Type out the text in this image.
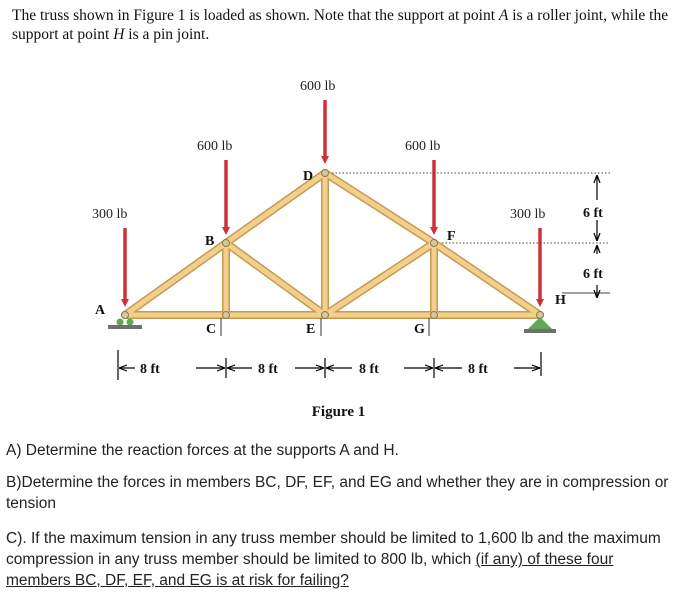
The truss shown in Figure 1 is loaded as shown. Note that the support at point A is a roller joint, while the support at point H is a pin joint.
600 lb
600 lb	600 lb
300 lb	300 lb
A
B
C
D
E
F
G
H
6 ft
6 ft
8 ft	8 ft	8 ft	8 ft
Figure 1
A) Determine the reaction forces at the supports A and H.
B)Determine the forces in members BC, DF, EF, and EG and whether they are in compression or tension
C). If the maximum tension in any truss member should be limited to 1,600 lb and the maximum compression in any truss member should be limited to 800 lb, which (if any) of these four members BC, DF, EF, and EG is at risk for failing?
